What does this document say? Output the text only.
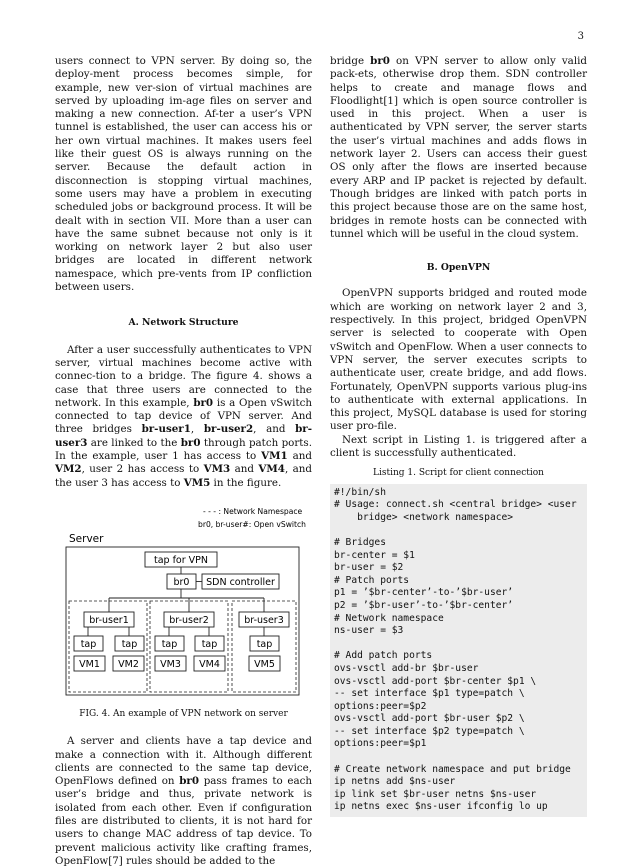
3

users connect to VPN server. By doing so, the deploy-ment process becomes simple, for example, new ver-sion of virtual machines are served by uploading im-age files on server and making a new connection. Af-ter a user’s VPN tunnel is established, the user can access his or her own virtual machines. It makes users feel like their guest OS is always running on the server. Because the default action in disconnection is stopping virtual machines, some users may have a problem in executing scheduled jobs or background process. It will be dealt with in section VII. More than a user can have the same subnet because not only is it working on network layer 2 but also user bridges are located in different network namespace, which pre-vents from IP confliction between users.

A. Network Structure

After a user successfully authenticates to VPN server, virtual machines become active with connec-tion to a bridge. The figure 4. shows a case that three users are connected to the network. In this example, br0 is a Open vSwitch connected to tap device of VPN server. And three bridges br-user1, br-user2, and br-user3 are linked to the br0 through patch ports. In the example, user 1 has access to VM1 and VM2, user 2 has access to VM3 and VM4, and the user 3 has access to VM5 in the figure.

- - - : Network Namespace
br0, br-user#: Open vSwitch
Server
tap for VPN
br0 SDN controller
br-user1	br-user2	br-user3
tap	tap	tap	tap	tap
VM1 VM2 VM3 VM4	VM5

FIG. 4. An example of VPN network on server

A server and clients have a tap device and make a connection with it. Although different clients are connected to the same tap device, OpenFlows defined on br0 pass frames to each user’s bridge and thus, private network is isolated from each other. Even if configuration files are distributed to clients, it is not hard for users to change MAC address of tap device. To prevent malicious activity like crafting frames, OpenFlow[7] rules should be added to the

bridge br0 on VPN server to allow only valid pack-ets, otherwise drop them. SDN controller helps to create and manage flows and Floodlight[1] which is open source controller is used in this project. When a user is authenticated by VPN server, the server starts the user’s virtual machines and adds flows in network layer 2. Users can access their guest OS only after the flows are inserted because every ARP and IP packet is rejected by default. Though bridges are linked with patch ports in this project because those are on the same host, bridges in remote hosts can be connected with tunnel which will be useful in the cloud system.

B. OpenVPN

OpenVPN supports bridged and routed mode which are working on network layer 2 and 3, respectively. In this project, bridged OpenVPN server is selected to cooperate with Open vSwitch and OpenFlow. When a user connects to VPN server, the server executes scripts to authenticate user, create bridge, and add flows. Fortunately, OpenVPN supports various plug-ins to authenticate with external applications. In this project, MySQL database is used for storing user pro-file.

Next script in Listing 1. is triggered after a client is successfully authenticated.

Listing 1. Script for client connection

#!/bin/sh
# Usage: connect.sh <central bridge> <user
bridge> <network namespace>
# Bridges
br-center = $1
br-user = $2
# Patch ports
p1 = ’$br-center’-to-’$br-user’
p2 = ’$br-user’-to-’$br-center’
# Network namespace
ns-user = $3
# Add patch ports
ovs-vsctl add-br $br-user
ovs-vsctl add-port $br-center $p1 \
-- set interface $p1 type=patch \
options:peer=$p2
ovs-vsctl add-port $br-user $p2 \
-- set interface $p2 type=patch \
options:peer=$p1
# Create network namespace and put bridge
ip netns add $ns-user
ip link set $br-user netns $ns-user
ip netns exec $ns-user ifconfig lo up
